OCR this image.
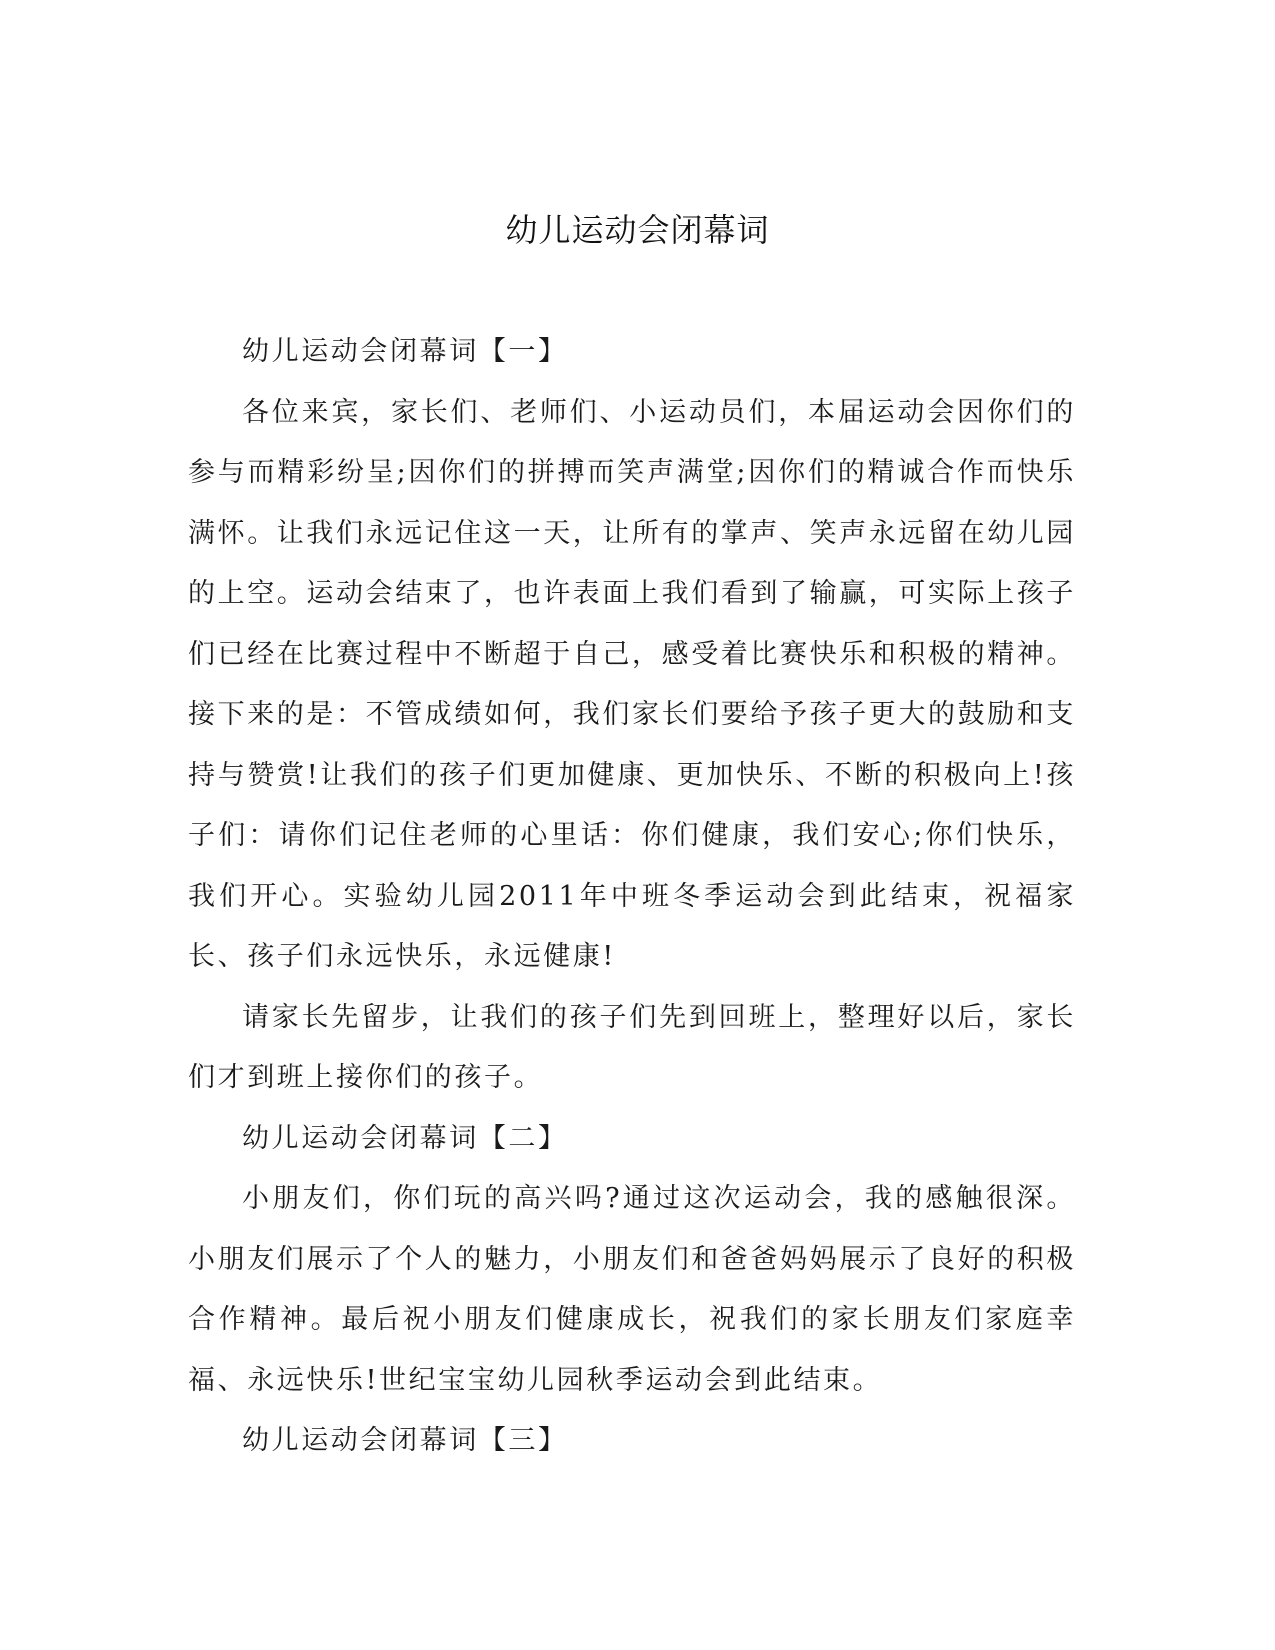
幼儿运动会闭幕词

幼儿运动会闭幕词【一】

各位来宾，家长们、老师们、小运动员们，本届运动会因你们的参与而精彩纷呈;因你们的拼搏而笑声满堂;因你们的精诚合作而快乐满怀。让我们永远记住这一天，让所有的掌声、笑声永远留在幼儿园的上空。运动会结束了，也许表面上我们看到了输赢，可实际上孩子们已经在比赛过程中不断超于自己，感受着比赛快乐和积极的精神。接下来的是：不管成绩如何，我们家长们要给予孩子更大的鼓励和支持与赞赏!让我们的孩子们更加健康、更加快乐、不断的积极向上!孩子们：请你们记住老师的心里话：你们健康，我们安心;你们快乐，我们开心。实验幼儿园2011年中班冬季运动会到此结束，祝福家长、孩子们永远快乐，永远健康!

请家长先留步，让我们的孩子们先到回班上，整理好以后，家长们才到班上接你们的孩子。

幼儿运动会闭幕词【二】

小朋友们，你们玩的高兴吗?通过这次运动会，我的感触很深。小朋友们展示了个人的魅力，小朋友们和爸爸妈妈展示了良好的积极合作精神。最后祝小朋友们健康成长，祝我们的家长朋友们家庭幸福、永远快乐!世纪宝宝幼儿园秋季运动会到此结束。

幼儿运动会闭幕词【三】
